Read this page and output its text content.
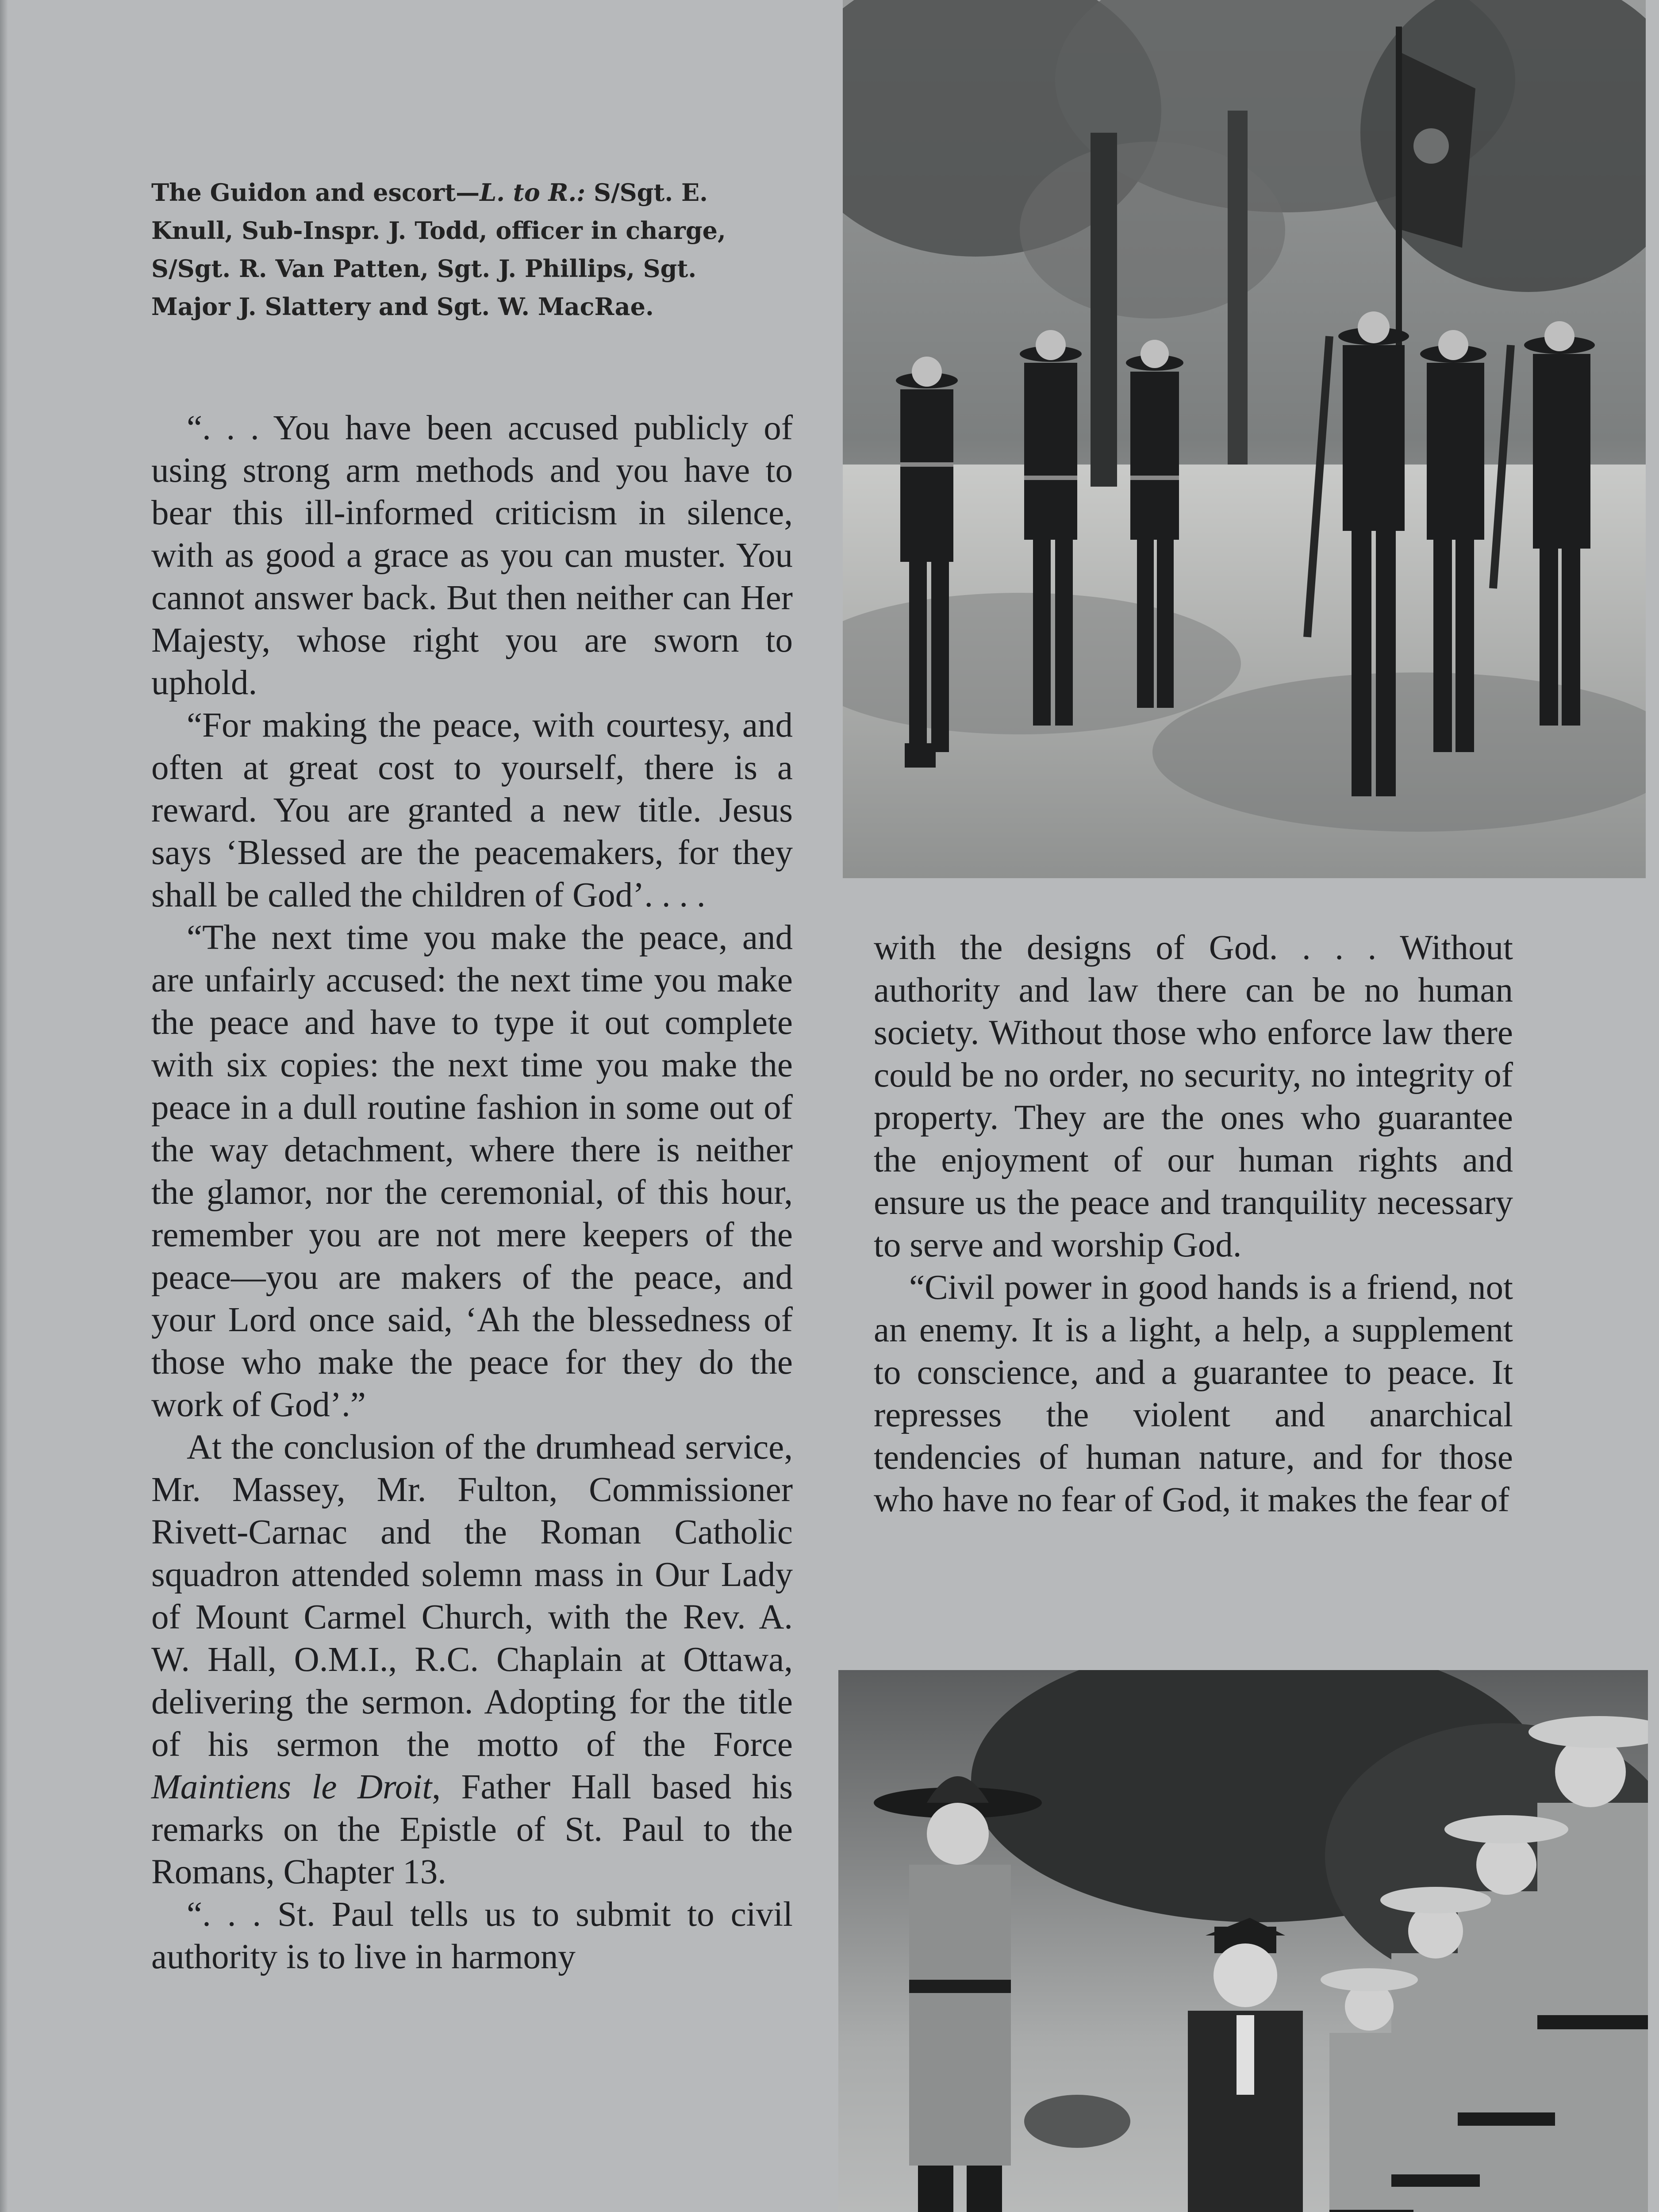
The Guidon and escort—L. to R.: S/Sgt. E. Knull, Sub-Inspr. J. Todd, officer in charge, S/Sgt. R. Van Patten, Sgt. J. Phillips, Sgt. Major J. Slattery and Sgt. W. MacRae.

“. . . You have been accused publicly of using strong arm methods and you have to bear this ill-informed criticism in silence, with as good a grace as you can muster. You cannot answer back. But then neither can Her Majesty, whose right you are sworn to uphold.

“For making the peace, with courtesy, and often at great cost to yourself, there is a reward. You are granted a new title. Jesus says ‘Blessed are the peacemakers, for they shall be called the children of God’. . . .

“The next time you make the peace, and are unfairly accused: the next time you make the peace and have to type it out complete with six copies: the next time you make the peace in a dull routine fashion in some out of the way detachment, where there is neither the glamor, nor the ceremonial, of this hour, remember you are not mere keepers of the peace—you are makers of the peace, and your Lord once said, ‘Ah the blessedness of those who make the peace for they do the work of God’.”

At the conclusion of the drumhead service, Mr. Massey, Mr. Fulton, Commissioner Rivett-Carnac and the Roman Catholic squadron attended solemn mass in Our Lady of Mount Carmel Church, with the Rev. A. W. Hall, O.M.I., R.C. Chaplain at Ottawa, delivering the sermon. Adopting for the title of his sermon the motto of the Force Maintiens le Droit, Father Hall based his remarks on the Epistle of St. Paul to the Romans, Chapter 13.

“. . . St. Paul tells us to submit to civil authority is to live in harmony

with the designs of God. . . . Without authority and law there can be no human society. Without those who enforce law there could be no order, no security, no integrity of property. They are the ones who guarantee the enjoyment of our human rights and ensure us the peace and tranquility necessary to serve and worship God.

“Civil power in good hands is a friend, not an enemy. It is a light, a help, a supplement to conscience, and a guarantee to peace. It represses the violent and anarchical tendencies of human nature, and for those who have no fear of God, it makes the fear of
